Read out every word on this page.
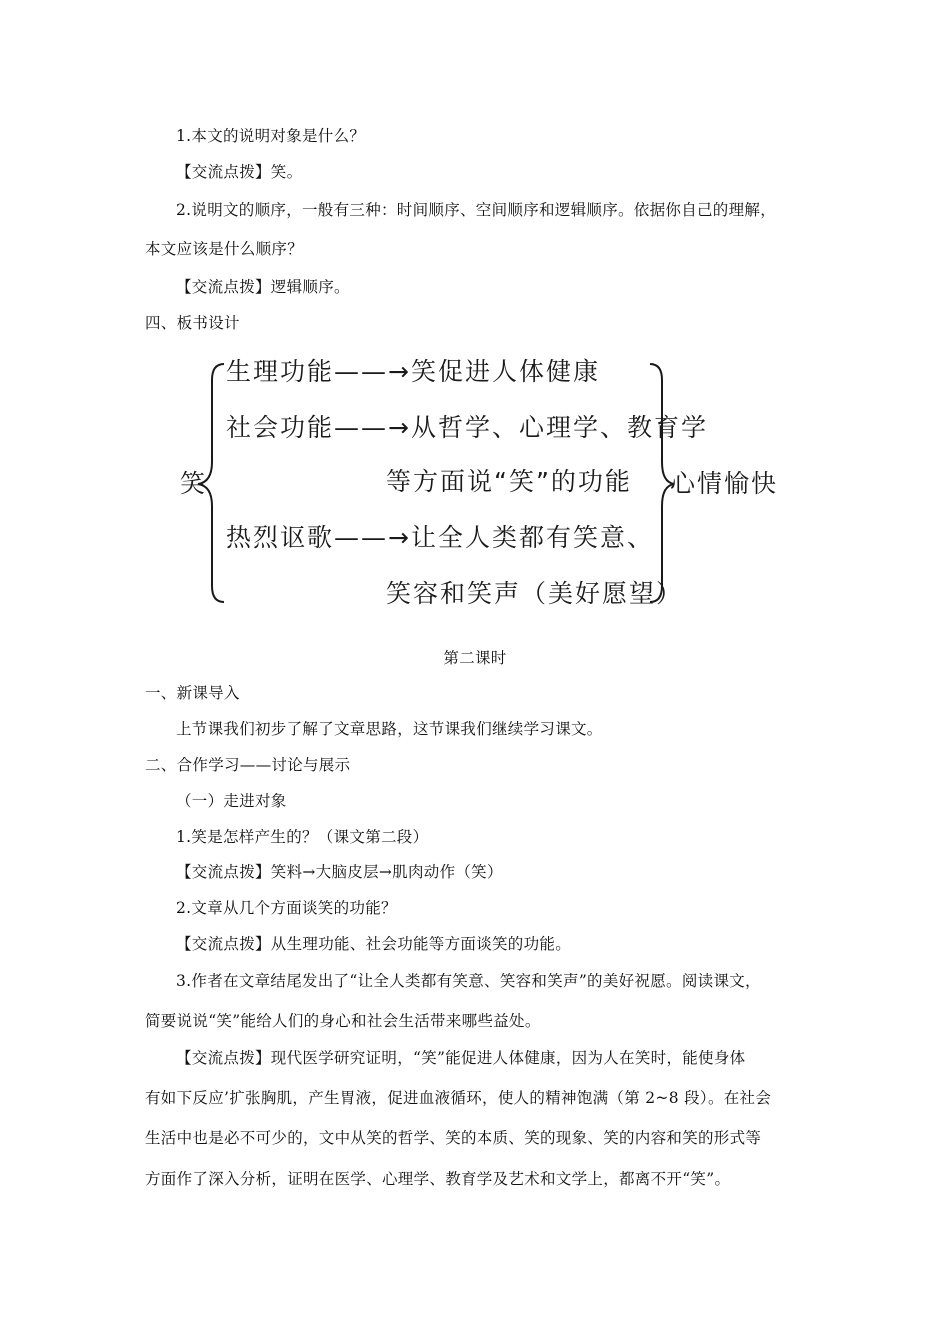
1.本文的说明对象是什么？
【交流点拨】笑。
2.说明文的顺序，一般有三种：时间顺序、空间顺序和逻辑顺序。依据你自己的理解，
本文应该是什么顺序？
【交流点拨】逻辑顺序。
四、板书设计
笑
生理功能——→笑促进人体健康
社会功能——→从哲学、心理学、教育学
等方面说“笑”的功能
热烈讴歌——→让全人类都有笑意、
笑容和笑声（美好愿望）
心情愉快
第二课时
一、新课导入
上节课我们初步了解了文章思路，这节课我们继续学习课文。
二、合作学习——讨论与展示
（一）走进对象
1.笑是怎样产生的？（课文第二段）
【交流点拨】笑料→大脑皮层→肌肉动作（笑）
2.文章从几个方面谈笑的功能？
【交流点拨】从生理功能、社会功能等方面谈笑的功能。
3.作者在文章结尾发出了“让全人类都有笑意、笑容和笑声”的美好祝愿。阅读课文，
简要说说“笑”能给人们的身心和社会生活带来哪些益处。
【交流点拨】现代医学研究证明，“笑”能促进人体健康，因为人在笑时，能使身体
有如下反应’扩张胸肌，产生胃液，促进血液循环，使人的精神饱满（第 2~8 段）。在社会
生活中也是必不可少的，文中从笑的哲学、笑的本质、笑的现象、笑的内容和笑的形式等
方面作了深入分析，证明在医学、心理学、教育学及艺术和文学上，都离不开“笑”。
